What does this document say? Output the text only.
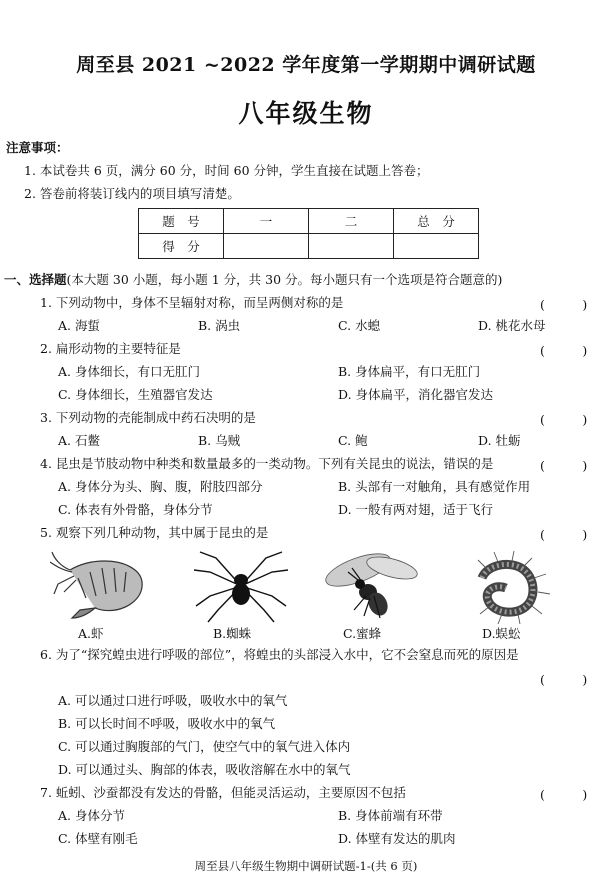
周至县 2021 ~2022 学年度第一学期期中调研试题
八年级生物
注意事项：
1. 本试卷共 6 页，满分 60 分，时间 60 分钟，学生直接在试题上答卷；
2. 答卷前将装订线内的项目填写清楚。
题　号	一	二	总　分
得　分			
一、选择题(本大题 30 小题，每小题 1 分，共 30 分。每小题只有一个选项是符合题意的)
1. 下列动物中，身体不呈辐射对称，而呈两侧对称的是	(　　　)
A. 海蜇	B. 涡虫	C. 水螅	D. 桃花水母
2. 扁形动物的主要特征是	(　　　)
A. 身体细长，有口无肛门	B. 身体扁平，有口无肛门
C. 身体细长，生殖器官发达	D. 身体扁平，消化器官发达
3. 下列动物的壳能制成中药石决明的是	(　　　)
A. 石鳖	B. 乌贼	C. 鲍	D. 牡蛎
4. 昆虫是节肢动物中种类和数量最多的一类动物。下列有关昆虫的说法，错误的是	(　　　)
A. 身体分为头、胸、腹，附肢四部分	B. 头部有一对触角，具有感觉作用
C. 体表有外骨骼，身体分节	D. 一般有两对翅，适于飞行
5. 观察下列几种动物，其中属于昆虫的是	(　　　)
A.虾	B.蜘蛛	C.蜜蜂	D.蜈蚣
6. 为了“探究蝗虫进行呼吸的部位”，将蝗虫的头部浸入水中，它不会窒息而死的原因是
(　　　)
A. 可以通过口进行呼吸，吸收水中的氧气
B. 可以长时间不呼吸，吸收水中的氧气
C. 可以通过胸腹部的气门，使空气中的氧气进入体内
D. 可以通过头、胸部的体表，吸收溶解在水中的氧气
7. 蚯蚓、沙蚕都没有发达的骨骼，但能灵活运动，主要原因不包括	(　　　)
A. 身体分节	B. 身体前端有环带
C. 体壁有刚毛	D. 体壁有发达的肌肉
周至县八年级生物期中调研试题-1-(共 6 页)
